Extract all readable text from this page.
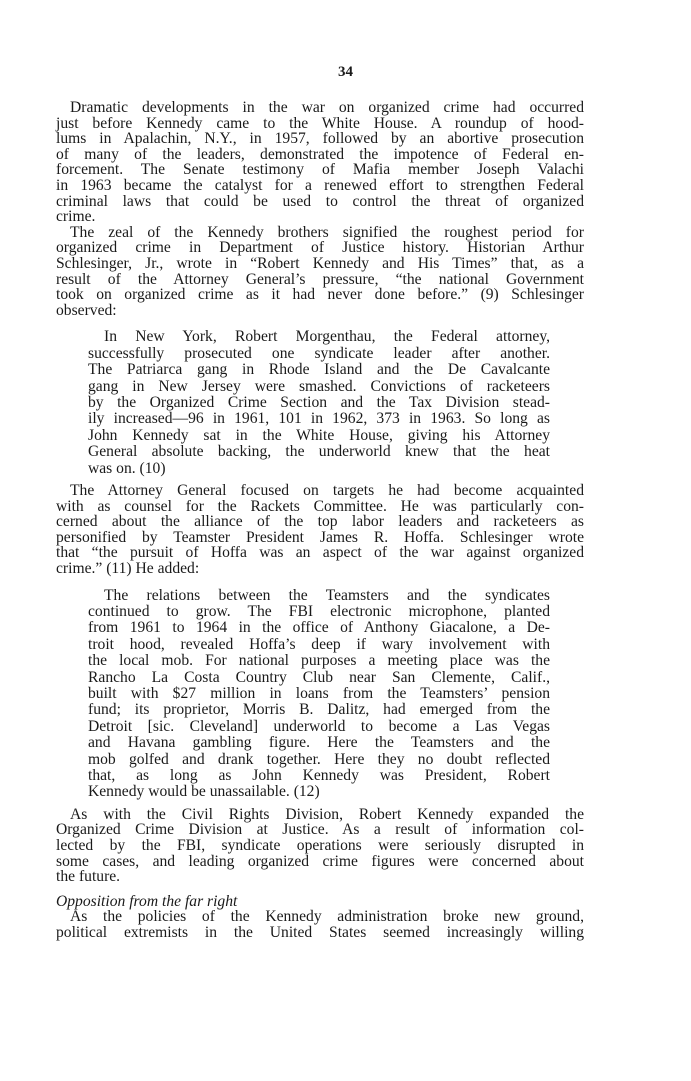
34

Dramatic developments in the war on organized crime had occurred
just before Kennedy came to the White House. A roundup of hood-
lums in Apalachin, N.Y., in 1957, followed by an abortive prosecution
of many of the leaders, demonstrated the impotence of Federal en-
forcement. The Senate testimony of Mafia member Joseph Valachi
in 1963 became the catalyst for a renewed effort to strengthen Federal
criminal laws that could be used to control the threat of organized
crime.

The zeal of the Kennedy brothers signified the roughest period for
organized crime in Department of Justice history. Historian Arthur
Schlesinger, Jr., wrote in “Robert Kennedy and His Times” that, as a
result of the Attorney General’s pressure, “the national Government
took on organized crime as it had never done before.” (9) Schlesinger
observed:

In New York, Robert Morgenthau, the Federal attorney,
successfully prosecuted one syndicate leader after another.
The Patriarca gang in Rhode Island and the De Cavalcante
gang in New Jersey were smashed. Convictions of racketeers
by the Organized Crime Section and the Tax Division stead-
ily increased—96 in 1961, 101 in 1962, 373 in 1963. So long as
John Kennedy sat in the White House, giving his Attorney
General absolute backing, the underworld knew that the heat
was on. (10)

The Attorney General focused on targets he had become acquainted
with as counsel for the Rackets Committee. He was particularly con-
cerned about the alliance of the top labor leaders and racketeers as
personified by Teamster President James R. Hoffa. Schlesinger wrote
that “the pursuit of Hoffa was an aspect of the war against organized
crime.” (11) He added:

The relations between the Teamsters and the syndicates
continued to grow. The FBI electronic microphone, planted
from 1961 to 1964 in the office of Anthony Giacalone, a De-
troit hood, revealed Hoffa’s deep if wary involvement with
the local mob. For national purposes a meeting place was the
Rancho La Costa Country Club near San Clemente, Calif.,
built with $27 million in loans from the Teamsters’ pension
fund; its proprietor, Morris B. Dalitz, had emerged from the
Detroit [sic. Cleveland] underworld to become a Las Vegas
and Havana gambling figure. Here the Teamsters and the
mob golfed and drank together. Here they no doubt reflected
that, as long as John Kennedy was President, Robert
Kennedy would be unassailable. (12)

As with the Civil Rights Division, Robert Kennedy expanded the
Organized Crime Division at Justice. As a result of information col-
lected by the FBI, syndicate operations were seriously disrupted in
some cases, and leading organized crime figures were concerned about
the future.

Opposition from the far right

As the policies of the Kennedy administration broke new ground,
political extremists in the United States seemed increasingly willing
